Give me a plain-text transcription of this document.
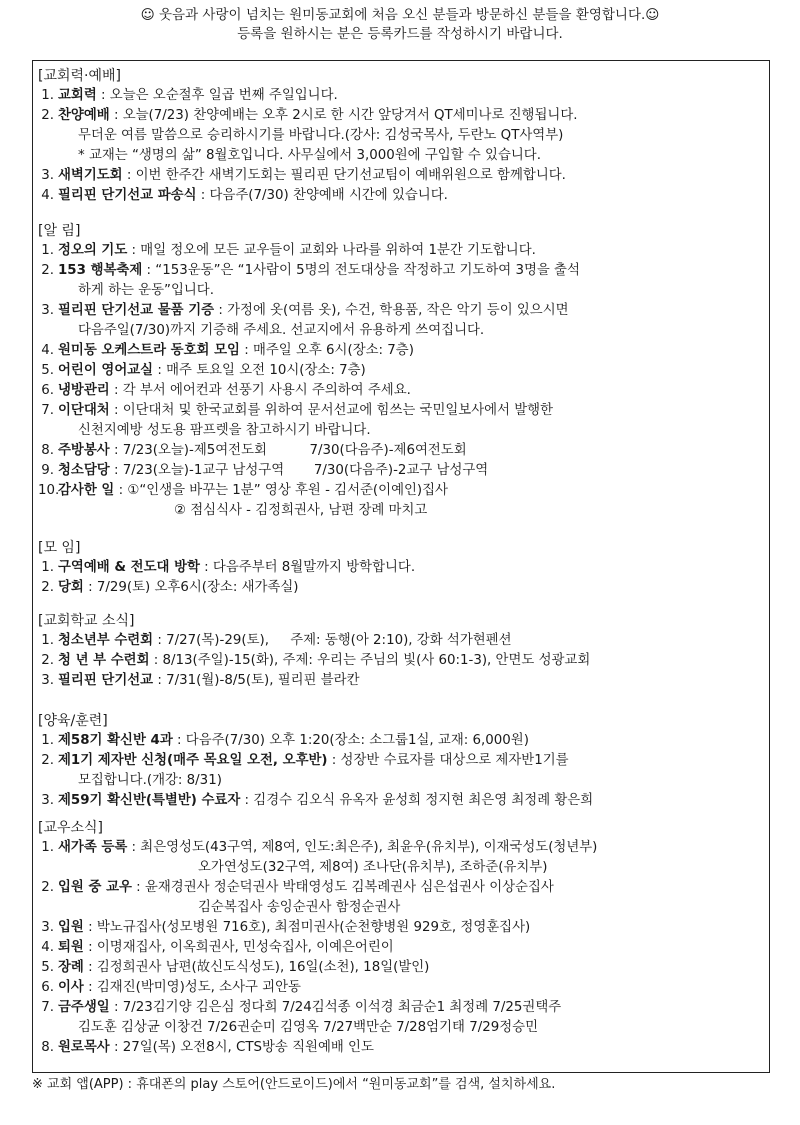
☺ 웃음과 사랑이 넘치는 원미동교회에 처음 오신 분들과 방문하신 분들을 환영합니다.☺
등록을 원하시는 분은 등록카드를 작성하시기 바랍니다.
[교회력·예배]
1 . 교회력 : 오늘은 오순절후 일곱 번째 주일입니다.
2 . 찬양예배 : 오늘(7/23) 찬양예배는 오후 2시로 한 시간 앞당겨서 QT세미나로 진행됩니다.
무더운 여름 말씀으로 승리하시기를 바랍니다.(강사: 김성국목사, 두란노 QT사역부)
* 교재는 “생명의 삶” 8월호입니다. 사무실에서 3,000원에 구입할 수 있습니다.
3 . 새벽기도회 : 이번 한주간 새벽기도회는 필리핀 단기선교팀이 예배위원으로 함께합니다.
4 . 필리핀 단기선교 파송식 : 다음주(7/30) 찬양예배 시간에 있습니다.
[알 림]
1 . 정오의 기도 : 매일 정오에 모든 교우들이 교회와 나라를 위하여 1분간 기도합니다.
2 . 153 행복축제 : “153운동”은 “1사람이 5명의 전도대상을 작정하고 기도하여 3명을 출석
하게 하는 운동”입니다.
3 . 필리핀 단기선교 물품 기증 : 가정에 옷(여름 옷), 수건, 학용품, 작은 악기 등이 있으시면
다음주일(7/30)까지 기증해 주세요. 선교지에서 유용하게 쓰여집니다.
4 . 원미동 오케스트라 동호회 모임 : 매주일 오후 6시(장소: 7층)
5 . 어린이 영어교실 : 매주 토요일 오전 10시(장소: 7층)
6 . 냉방관리 : 각 부서 에어컨과 선풍기 사용시 주의하여 주세요.
7 . 이단대처 : 이단대처 및 한국교회를 위하여 문서선교에 힘쓰는 국민일보사에서 발행한
신천지예방 성도용 팜프렛을 참고하시기 바랍니다.
8 . 주방봉사 : 7/23(오늘)-제5여전도회          7/30(다음주)-제6여전도회
9 . 청소담당 : 7/23(오늘)-1교구 남성구역       7/30(다음주)-2교구 남성구역
10 . 감사한 일 : ①“인생을 바꾸는 1분” 영상 후원 - 김서준(이예인)집사
② 점심식사 - 김정희권사, 남편 장례 마치고
[모 임]
1 . 구역예배 & 전도대 방학 : 다음주부터 8월말까지 방학합니다.
2 . 당회 : 7/29(토) 오후6시(장소: 새가족실)
[교회학교 소식]
1 . 청소년부 수련회 : 7/27(목)-29(토),     주제: 동행(아 2:10), 강화 석가현펜션
2 . 청 년 부 수련회 : 8/13(주일)-15(화), 주제: 우리는 주님의 빛(사 60:1-3), 안면도 성광교회
3 . 필리핀 단기선교 : 7/31(월)-8/5(토), 필리핀 블라칸
[양육/훈련]
1 . 제58기 확신반 4과 : 다음주(7/30) 오후 1:20(장소: 소그룹1실, 교재: 6,000원)
2 . 제1기 제자반 신청(매주 목요일 오전, 오후반) : 성장반 수료자를 대상으로 제자반1기를
모집합니다.(개강: 8/31)
3 . 제59기 확신반(특별반) 수료자 : 김경수 김오식 유옥자 윤성희 정지현 최은영 최정례 황은희
[교우소식]
1 . 새가족 등록 : 최은영성도(43구역, 제8여, 인도:최은주), 최윤우(유치부), 이재국성도(청년부)
오가연성도(32구역, 제8여) 조나단(유치부), 조하준(유치부)
2 . 입원 중 교우 : 윤재경권사 정순덕권사 박태영성도 김복례권사 심은섭권사 이상순집사
김순복집사 송잉순권사 함정순권사
3 . 입원 : 박노규집사(성모병원 716호), 최점미권사(순천향병원 929호, 정영훈집사)
4 . 퇴원 : 이명재집사, 이옥희권사, 민성숙집사, 이예은어린이
5 . 장례 : 김정희권사 남편(故신도식성도), 16일(소천), 18일(발인)
6 . 이사 : 김재진(박미영)성도, 소사구 괴안동
7 . 금주생일 : 7/23김기양 김은심 정다희 7/24김석종 이석경 최금순1 최정례 7/25권택주
김도훈 김상균 이창건 7/26권순미 김영옥 7/27백만순 7/28엄기태 7/29정승민
8 . 원로목사 : 27일(목) 오전8시, CTS방송 직원예배 인도
※ 교회 앱(APP) : 휴대폰의 play 스토어(안드로이드)에서 “원미동교회”를 검색, 설치하세요.
